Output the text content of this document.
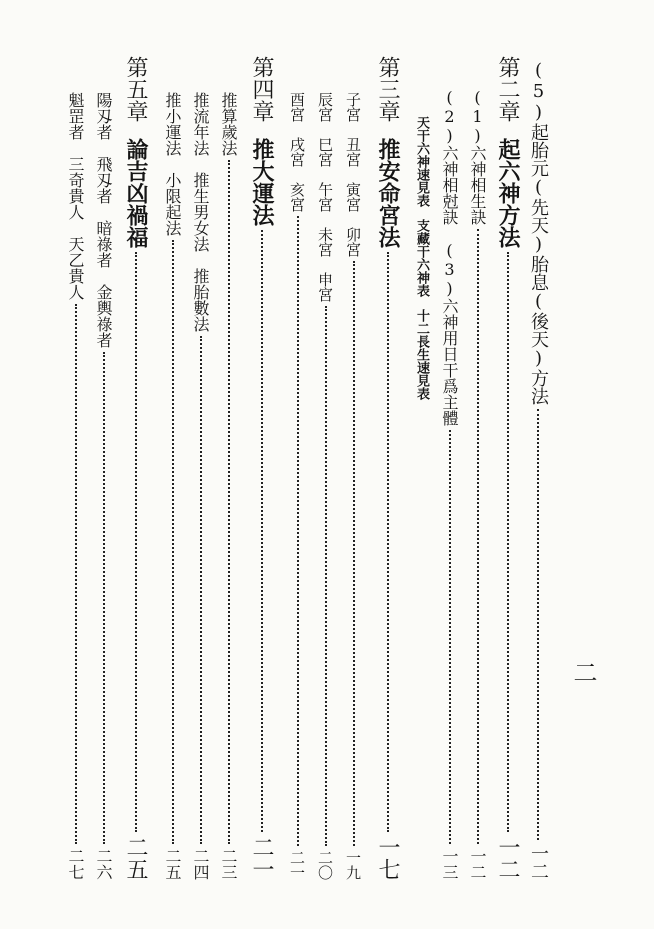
(5)起胎元(先天)胎息(後天)方法
一二
第二章
起六神方法
一二
(1)六神相生訣
一二
(2)六神相尅訣　(3)六神用日干爲主體
一三
天干六神速見表
支藏干六神表
十二長生速見表
第三章
推安命宮法
一七
子宮　丑宮　寅宮　卯宮
一九
辰宮　巳宮　午宮　未宮　申宮
二〇
酉宮　戌宮　亥宮
二一
第四章
推大運法
二一
推算歲法
二三
推流年法　推生男女法　推胎數法
二四
推小運法　小限起法
二五
第五章
論吉凶禍福
二五
陽刄者　飛刄者　暗祿者　金輿祿者
二六
魁罡者　三奇貴人　天乙貴人
二七
二
